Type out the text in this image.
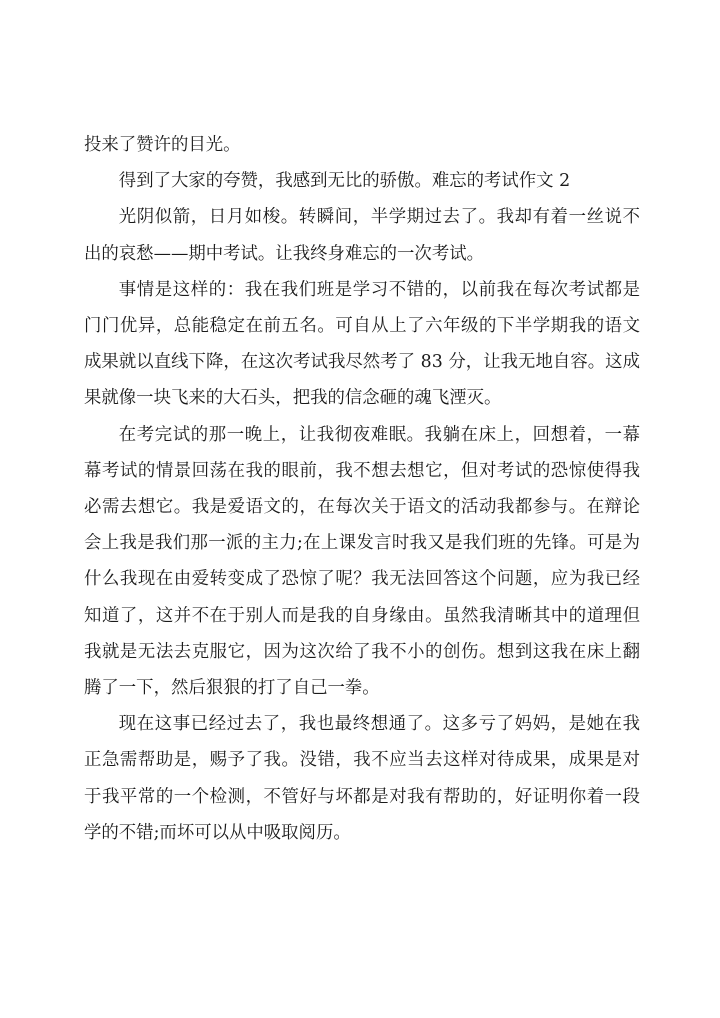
投来了赞许的目光。

得到了大家的夸赞，我感到无比的骄傲。难忘的考试作文 2

光阴似箭，日月如梭。转瞬间，半学期过去了。我却有着一丝说不出的哀愁——期中考试。让我终身难忘的一次考试。

事情是这样的：我在我们班是学习不错的，以前我在每次考试都是门门优异，总能稳定在前五名。可自从上了六年级的下半学期我的语文成果就以直线下降，在这次考试我尽然考了 83 分，让我无地自容。这成果就像一块飞来的大石头，把我的信念砸的魂飞湮灭。

在考完试的那一晚上，让我彻夜难眠。我躺在床上，回想着，一幕幕考试的情景回荡在我的眼前，我不想去想它，但对考试的恐惊使得我必需去想它。我是爱语文的，在每次关于语文的活动我都参与。在辩论会上我是我们那一派的主力;在上课发言时我又是我们班的先锋。可是为什么我现在由爱转变成了恐惊了呢？我无法回答这个问题，应为我已经知道了，这并不在于别人而是我的自身缘由。虽然我清晰其中的道理但我就是无法去克服它，因为这次给了我不小的创伤。想到这我在床上翻腾了一下，然后狠狠的打了自己一拳。

现在这事已经过去了，我也最终想通了。这多亏了妈妈，是她在我正急需帮助是，赐予了我。没错，我不应当去这样对待成果，成果是对于我平常的一个检测，不管好与坏都是对我有帮助的，好证明你着一段学的不错;而坏可以从中吸取阅历。
